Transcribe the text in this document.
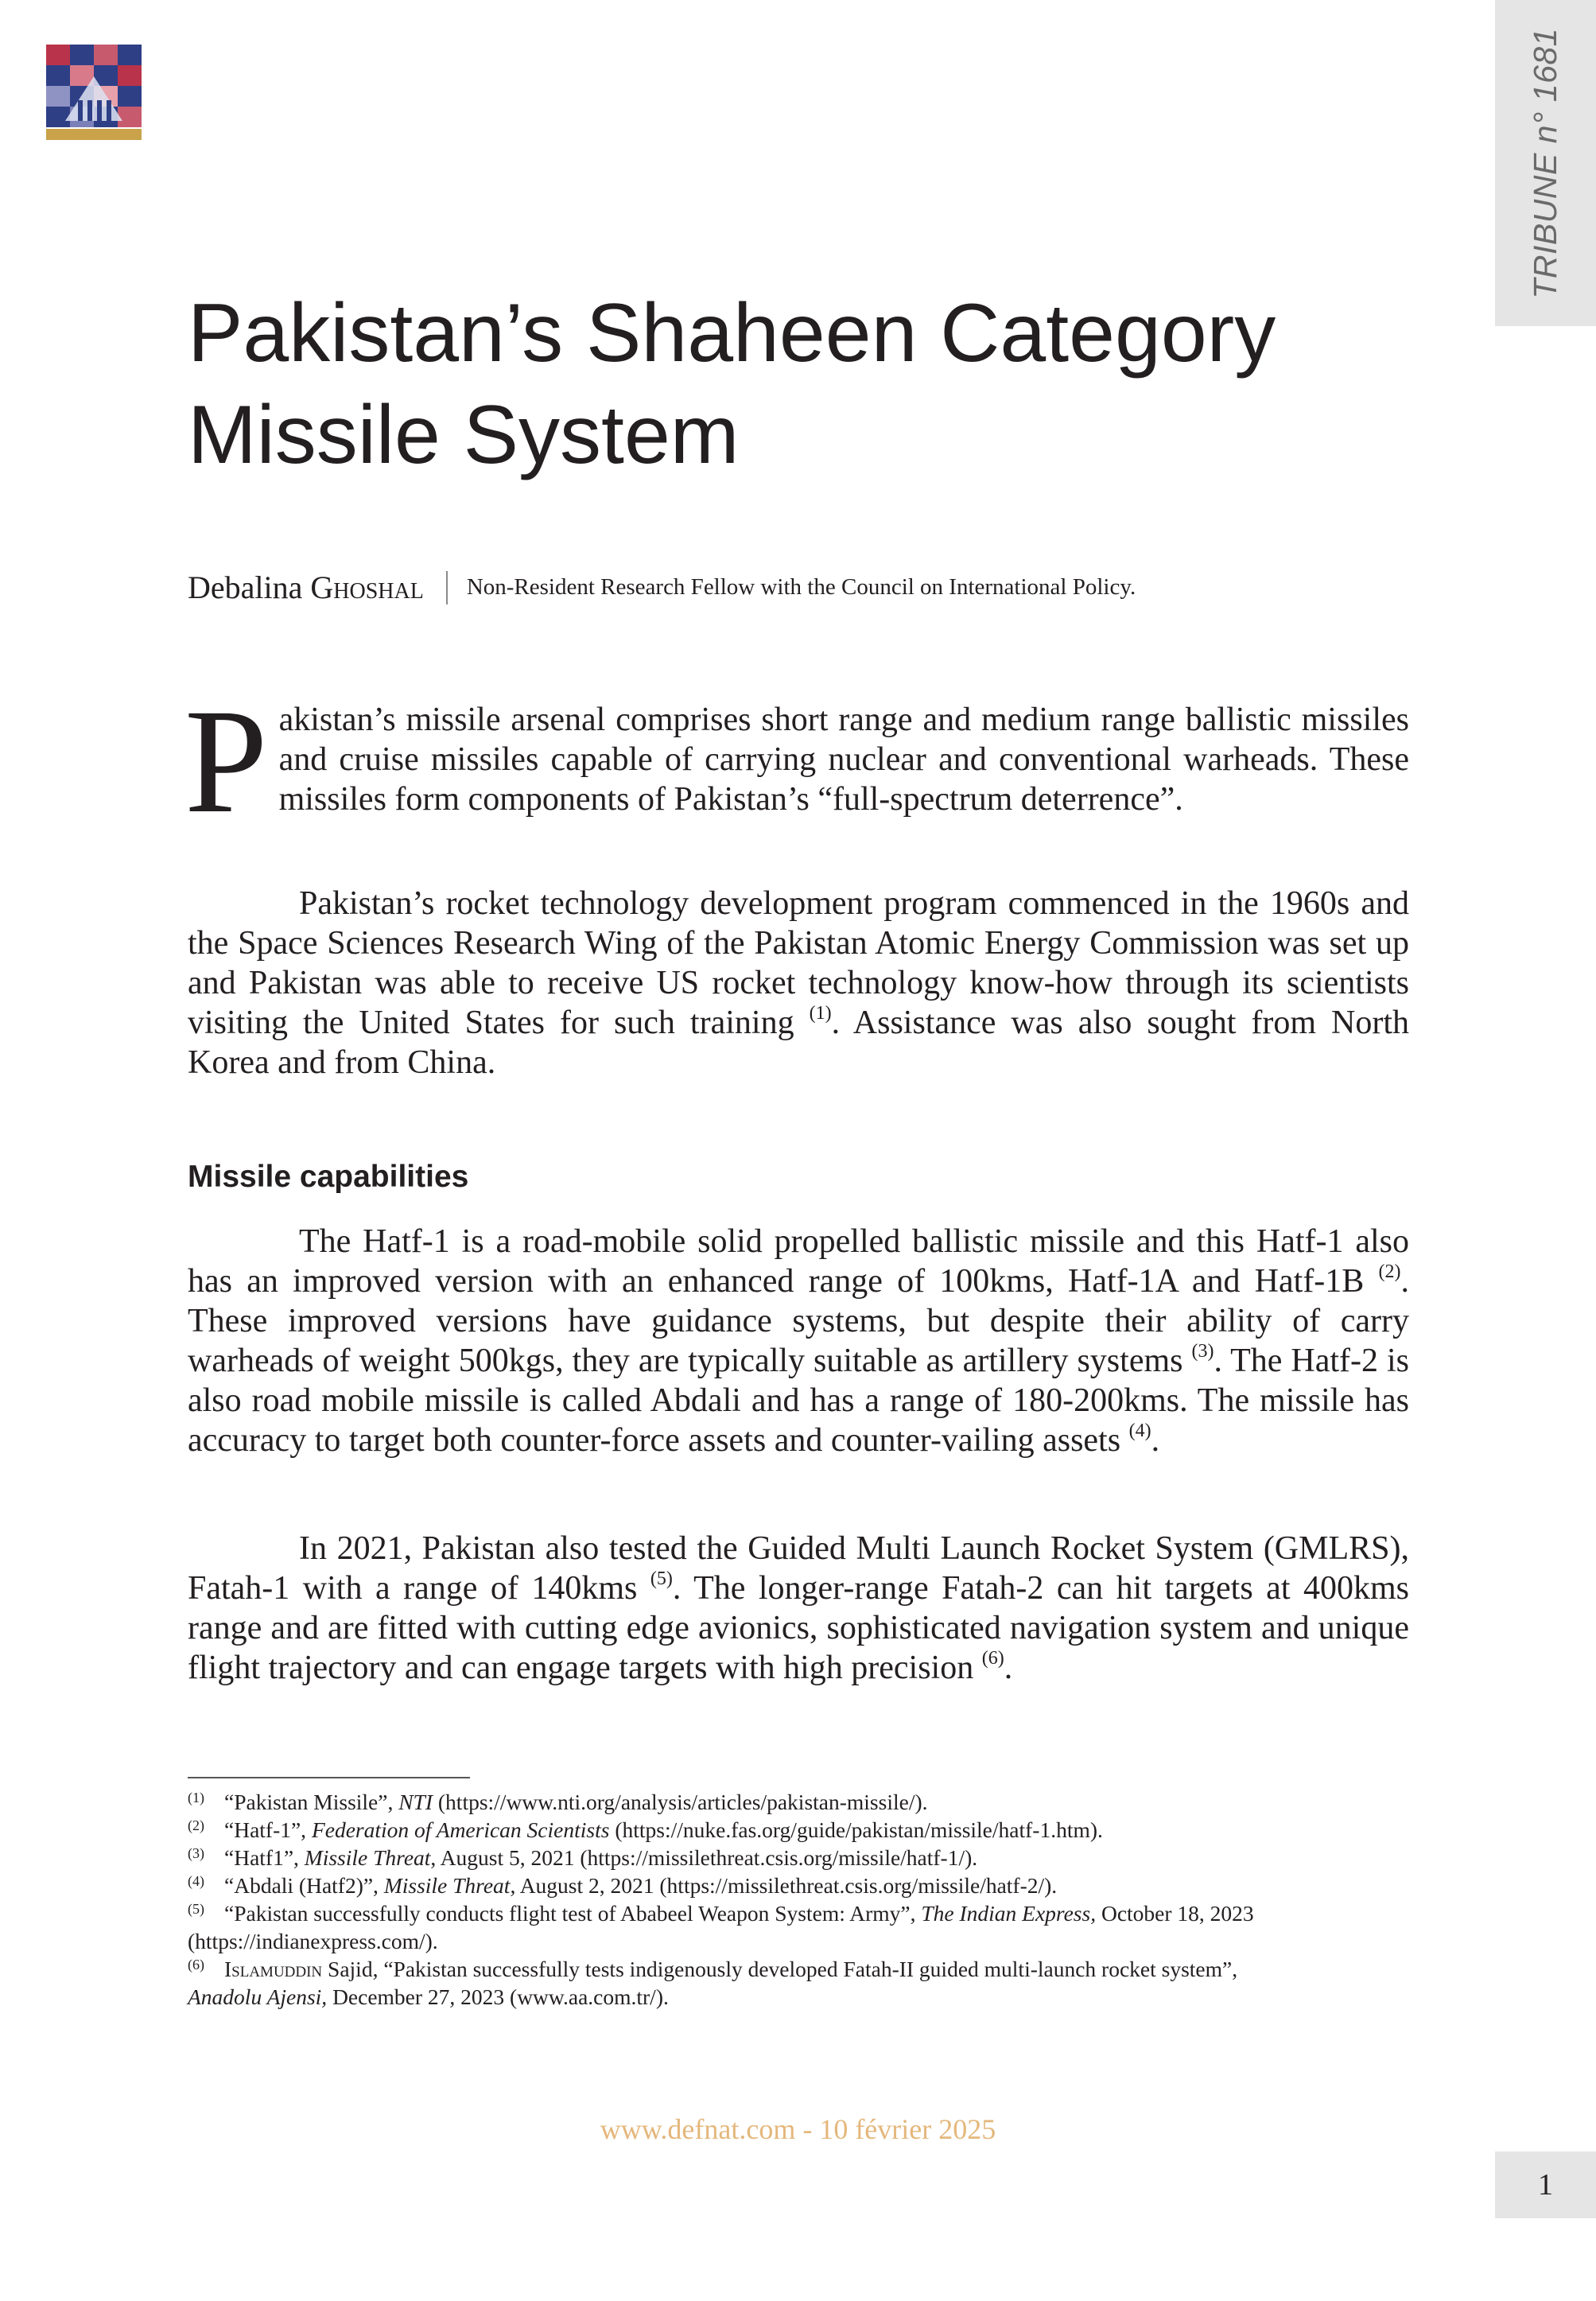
TRIBUNE n° 1681
Pakistan’s Shaheen Category
Missile System
Debalina Ghoshal Non-Resident Research Fellow with the Council on International Policy.

Pakistan’s missile arsenal comprises short range and medium range ballistic missiles and cruise missiles capable of carrying nuclear and conventional warheads. These missiles form components of Pakistan’s “full-spectrum deterrence”.

Pakistan’s rocket technology development program commenced in the 1960s and the Space Sciences Research Wing of the Pakistan Atomic Energy Commission was set up and Pakistan was able to receive US rocket technology know-how through its scientists visiting the United States for such training $^{(1)}$. Assistance was also sought from North Korea and from China.

Missile capabilities

The Hatf-1 is a road-mobile solid propelled ballistic missile and this Hatf-1 also has an improved version with an enhanced range of 100kms, Hatf-1A and Hatf-1B $^{(2)}$. These improved versions have guidance systems, but despite their ability of carry warheads of weight 500kgs, they are typically suitable as artillery systems $^{(3)}$. The Hatf-2 is also road mobile missile is called Abdali and has a range of 180-200kms. The missile has accuracy to target both counter-force assets and counter-vailing assets $^{(4)}$.

In 2021, Pakistan also tested the Guided Multi Launch Rocket System (GMLRS), Fatah-1 with a range of 140kms $^{(5)}$. The longer-range Fatah-2 can hit targets at 400kms range and are fitted with cutting edge avionics, sophisticated navigation system and unique flight trajectory and can engage targets with high precision $^{(6)}$.

(1) “Pakistan Missile”, NTI (https://www.nti.org/analysis/articles/pakistan-missile/).
(2) “Hatf-1”, Federation of American Scientists (https://nuke.fas.org/guide/pakistan/missile/hatf-1.htm).
(3) “Hatf1”, Missile Threat, August 5, 2021 (https://missilethreat.csis.org/missile/hatf-1/).
(4) “Abdali (Hatf2)”, Missile Threat, August 2, 2021 (https://missilethreat.csis.org/missile/hatf-2/).
(5) “Pakistan successfully conducts flight test of Ababeel Weapon System: Army”, The Indian Express, October 18, 2023
(https://indianexpress.com/).
(6) Islamuddin Sajid, “Pakistan successfully tests indigenously developed Fatah-II guided multi-launch rocket system”,
Anadolu Ajensi, December 27, 2023 (www.aa.com.tr/).
www.defnat.com - 10 février 2025
1
